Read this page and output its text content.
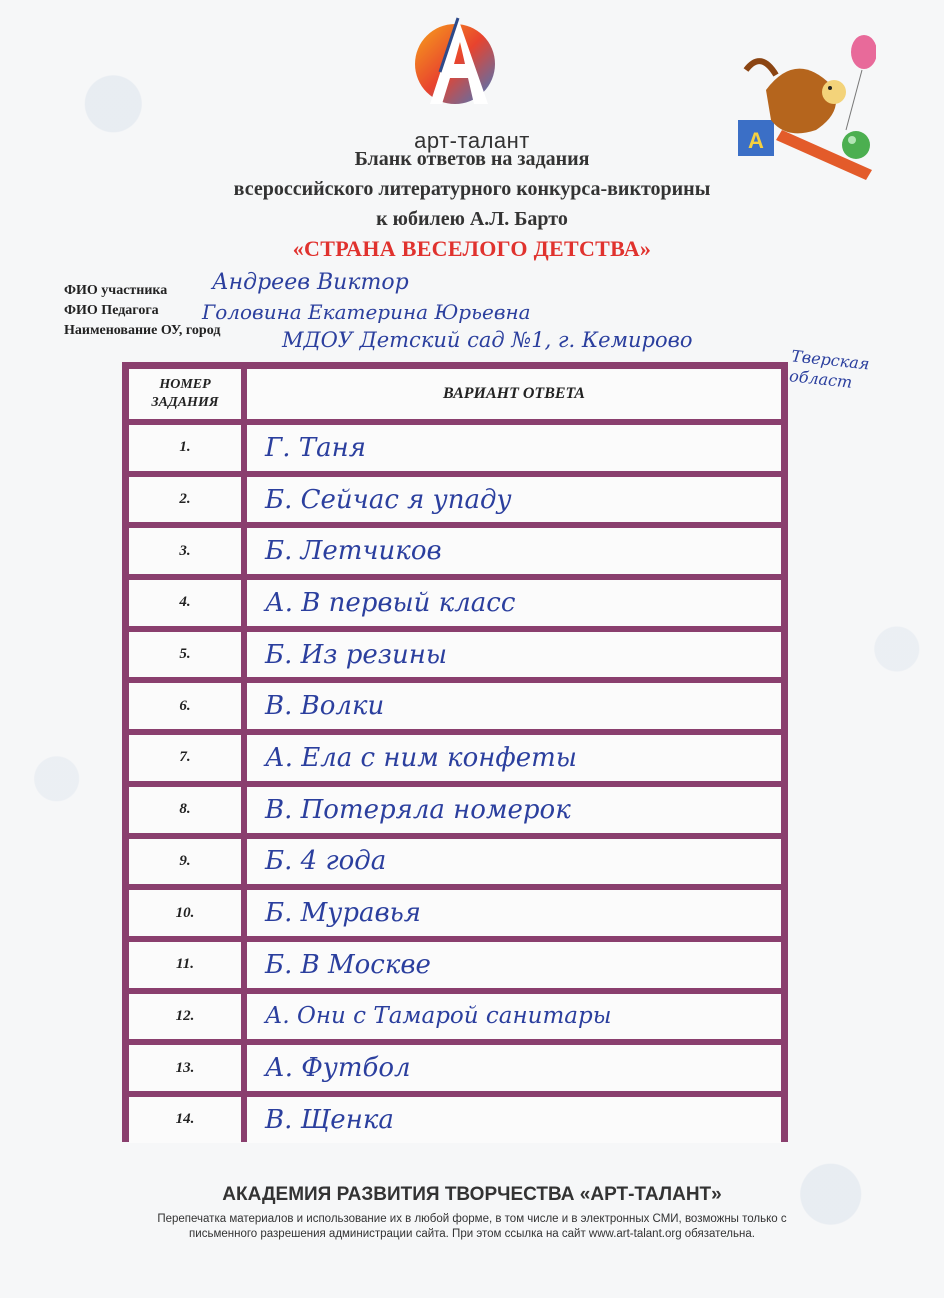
A
арт-талант
Бланк ответов на задания
всероссийского литературного конкурса-викторины
к юбилею А.Л. Барто
«СТРАНА ВЕСЕЛОГО ДЕТСТВА»
ФИО участника Андреев Виктор
ФИО Педагога Головина Екатерина Юрьевна
Наименование ОУ, город	МДОУ Детский сад №1, г. Кемирово
Тверская област
НОМЕР ЗАДАНИЯ
ВАРИАНТ ОТВЕТА
1.	Г. Таня
2.	Б. Сейчас я упаду
3.	Б. Летчиков
4.	А. В первый класс
5.	Б. Из резины
6.	В. Волки
7.	А. Ела с ним конфеты
8.	В. Потеряла номерок
9.	Б. 4 года
10.	Б. Муравья
11.	Б. В Москве
12.	А. Они с Тамарой санитары
13.	А. Футбол
14.	В. Щенка
АКАДЕМИЯ РАЗВИТИЯ ТВОРЧЕСТВА «АРТ-ТАЛАНТ»
Перепечатка материалов и использование их в любой форме, в том числе и в электронных СМИ, возможны только с
письменного разрешения администрации сайта. При этом ссылка на сайт www.art-talant.org обязательна.
